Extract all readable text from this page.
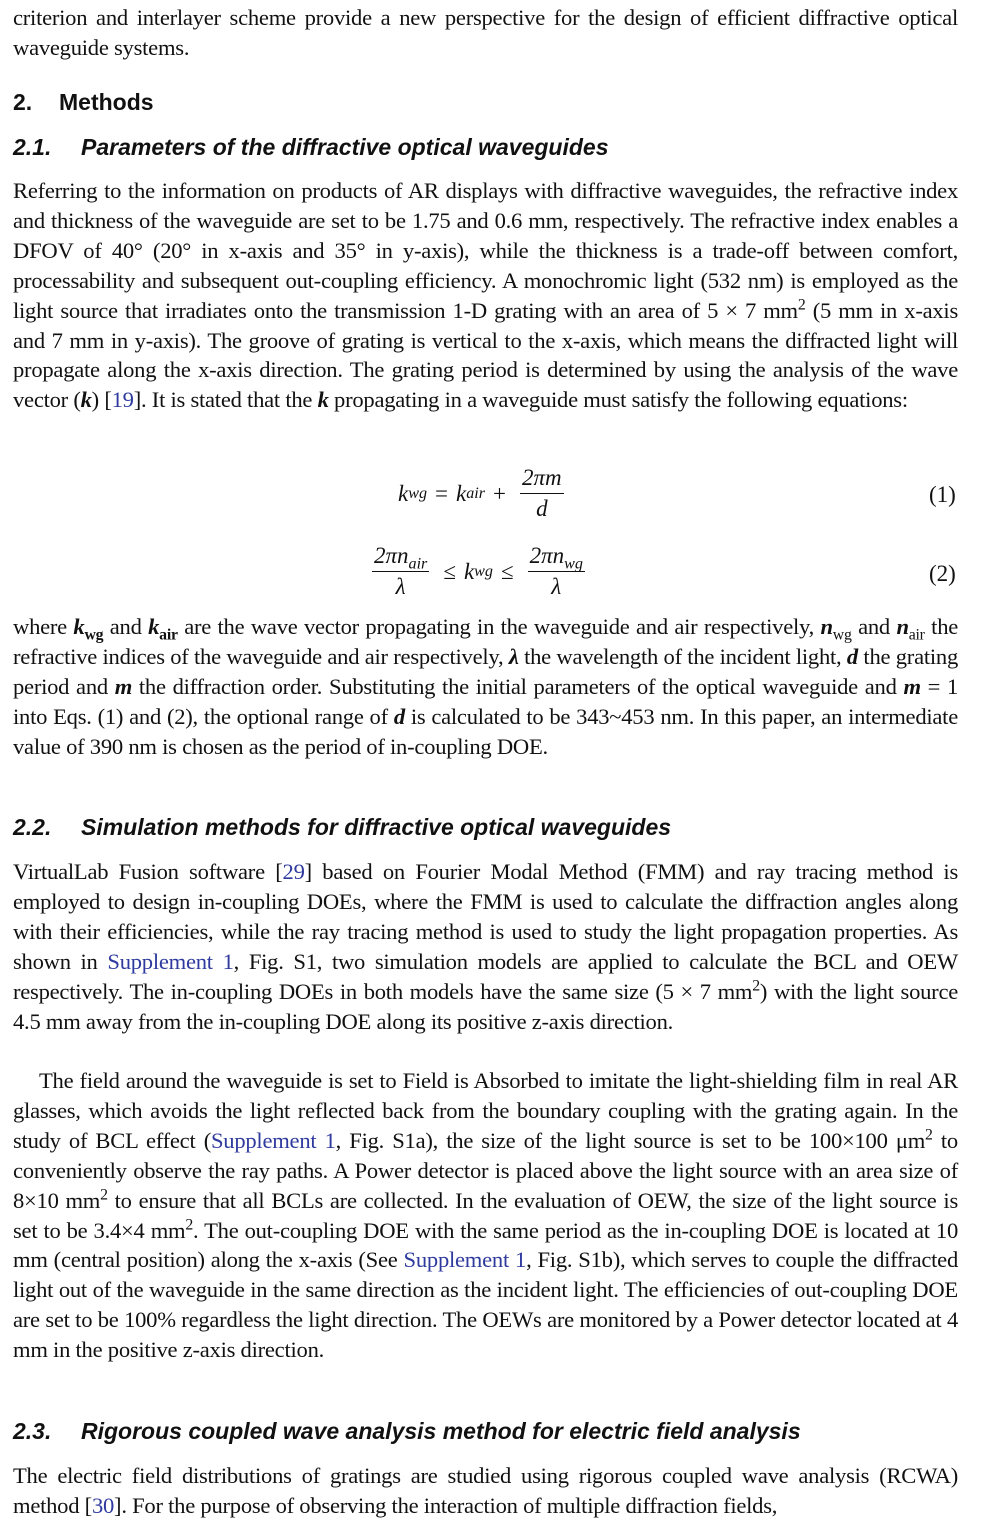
criterion and interlayer scheme provide a new perspective for the design of efficient diffractive optical waveguide systems.

2. Methods
2.1. Parameters of the diffractive optical waveguides

Referring to the information on products of AR displays with diffractive waveguides, the refractive index and thickness of the waveguide are set to be 1.75 and 0.6 mm, respectively. The refractive index enables a DFOV of 40° (20° in x-axis and 35° in y-axis), while the thickness is a trade-off between comfort, processability and subsequent out-coupling efficiency. A monochromic light (532 nm) is employed as the light source that irradiates onto the transmission 1-D grating with an area of 5 × 7 $mm^2$ (5 mm in x-axis and 7 mm in y-axis). The groove of grating is vertical to the x-axis, which means the diffracted light will propagate along the x-axis direction. The grating period is determined by using the analysis of the wave vector (k) [19]. It is stated that the k propagating in a waveguide must satisfy the following equations:

k wg = k air + $\frac{2\pi m}{d}$	(1)
$\frac{2\pi n_{air}}{\lambda} \le k$ wg ≤ $\frac{2\pi n_{wg}}{\lambda}$	(2)

where $k_{wg}$ and $k_{air}$ are the wave vector propagating in the waveguide and air respectively, $n_{wg}$ and $n_{air}$ the refractive indices of the waveguide and air respectively, λ the wavelength of the incident light, d the grating period and m the diffraction order. Substituting the initial parameters of the optical waveguide and m = 1 into Eqs. (1) and (2), the optional range of d is calculated to be 343~453 nm. In this paper, an intermediate value of 390 nm is chosen as the period of in-coupling DOE.

2.2. Simulation methods for diffractive optical waveguides

VirtualLab Fusion software [29] based on Fourier Modal Method (FMM) and ray tracing method is employed to design in-coupling DOEs, where the FMM is used to calculate the diffraction angles along with their efficiencies, while the ray tracing method is used to study the light propagation properties. As shown in Supplement 1, Fig. S1, two simulation models are applied to calculate the BCL and OEW respectively. The in-coupling DOEs in both models have the same size (5 × 7 $mm^2$) with the light source 4.5 mm away from the in-coupling DOE along its positive z-axis direction.

The field around the waveguide is set to Field is Absorbed to imitate the light-shielding film in real AR glasses, which avoids the light reflected back from the boundary coupling with the grating again. In the study of BCL effect (Supplement 1, Fig. S1a), the size of the light source is set to be 100×100 $\mu m^2$ to conveniently observe the ray paths. A Power detector is placed above the light source with an area size of 8×10 $mm^2$ to ensure that all BCLs are collected. In the evaluation of OEW, the size of the light source is set to be 3.4×4 $mm^2$. The out-coupling DOE with the same period as the in-coupling DOE is located at 10 mm (central position) along the x-axis (See Supplement 1, Fig. S1b), which serves to couple the diffracted light out of the waveguide in the same direction as the incident light. The efficiencies of out-coupling DOE are set to be 100% regardless the light direction. The OEWs are monitored by a Power detector located at 4 mm in the positive z-axis direction.

2.3. Rigorous coupled wave analysis method for electric field analysis

The electric field distributions of gratings are studied using rigorous coupled wave analysis (RCWA) method [30]. For the purpose of observing the interaction of multiple diffraction fields,
